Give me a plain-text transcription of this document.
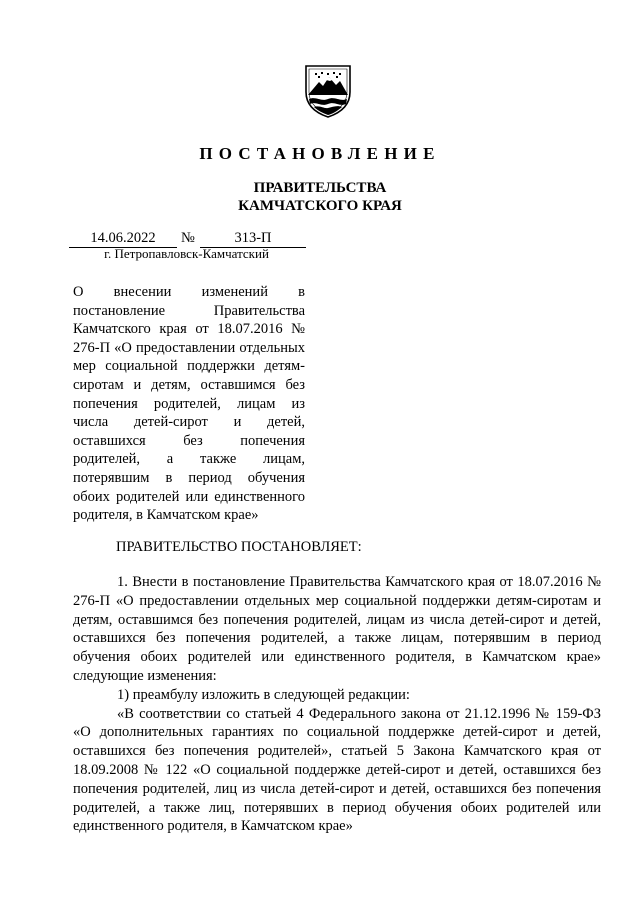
ПОСТАНОВЛЕНИЕ
ПРАВИТЕЛЬСТВА
КАМЧАТСКОГО КРАЯ
14.06.2022	№	313-П
г. Петропавловск-Камчатский
О внесении изменений в постановление Правительства Камчатского края от 18.07.2016 № 276-П «О предоставлении отдельных мер социальной поддержки детям-сиротам и детям, оставшимся без попечения родителей, лицам из числа детей-сирот и детей, оставшихся без попечения родителей, а также лицам, потерявшим в период обучения обоих родителей или единственного родителя, в Камчатском крае»
ПРАВИТЕЛЬСТВО ПОСТАНОВЛЯЕТ:

1. Внести в постановление Правительства Камчатского края от 18.07.2016 № 276-П «О предоставлении отдельных мер социальной поддержки детям-сиротам и детям, оставшимся без попечения родителей, лицам из числа детей-сирот и детей, оставшихся без попечения родителей, а также лицам, потерявшим в период обучения обоих родителей или единственного родителя, в Камчатском крае» следующие изменения:

1) преамбулу изложить в следующей редакции:

«В соответствии со статьей 4 Федерального закона от 21.12.1996 № 159-ФЗ «О дополнительных гарантиях по социальной поддержке детей-сирот и детей, оставшихся без попечения родителей», статьей 5 Закона Камчатского края от 18.09.2008 № 122 «О социальной поддержке детей-сирот и детей, оставшихся без попечения родителей, лиц из числа детей-сирот и детей, оставшихся без попечения родителей, а также лиц, потерявших в период обучения обоих родителей или единственного родителя, в Камчатском крае»
